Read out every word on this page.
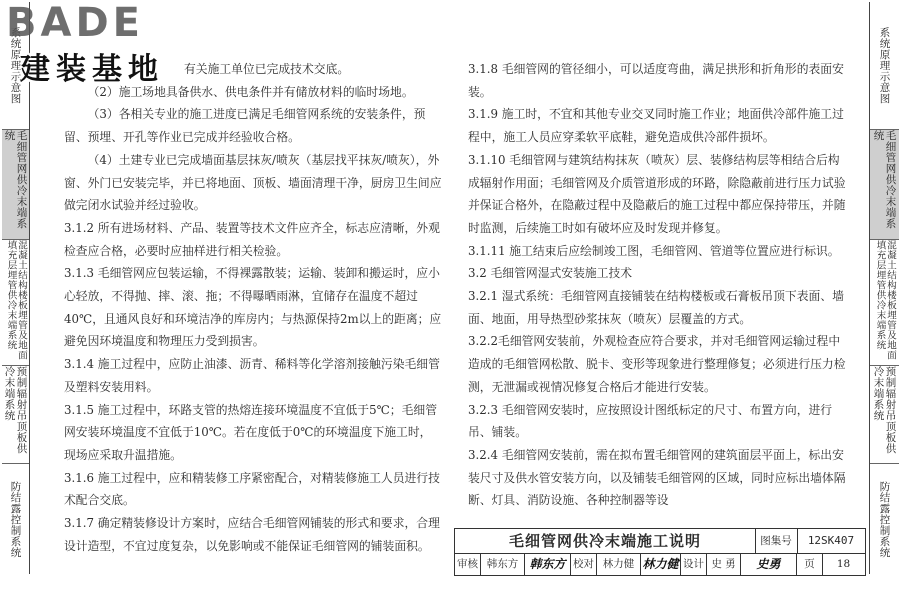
系统原理示意图
毛细管网供冷末端系统
混凝土结构楼板埋管及地面填充层埋管供冷末端系统
预制辐射吊顶板供冷末端系统
防结露控制系统
系统原理示意图
毛细管网供冷末端系统
混凝土结构楼板埋管及地面填充层埋管供冷末端系统
预制辐射吊顶板供冷末端系统
防结露控制系统
BADE
建装基地	有关施工单位已完成技术交底。

（2）施工场地具备供水、供电条件并有储放材料的临时场地。

（3）各相关专业的施工进度已满足毛细管网系统的安装条件，预留、预埋、开孔等作业已完成并经验收合格。

（4）土建专业已完成墙面基层抹灰/喷灰（基层找平抹灰/喷灰），外窗、外门已安装完毕，并已将地面、顶板、墙面清理干净，厨房卫生间应做完闭水试验并经过验收。

3.1.2 所有进场材料、产品、装置等技术文件应齐全，标志应清晰，外观检查应合格，必要时应抽样进行相关检验。

3.1.3 毛细管网应包装运输，不得裸露散装；运输、装卸和搬运时，应小心轻放，不得抛、摔、滚、拖；不得曝晒雨淋，宜储存在温度不超过40℃，且通风良好和环境洁净的库房内；与热源保持2m以上的距离；应避免因环境温度和物理压力受到损害。

3.1.4 施工过程中，应防止油漆、沥青、稀料等化学溶剂接触污染毛细管及塑料安装用料。

3.1.5 施工过程中，环路支管的热熔连接环境温度不宜低于5℃；毛细管网安装环境温度不宜低于10℃。若在度低于0℃的环境温度下施工时，现场应采取升温措施。

3.1.6 施工过程中，应和精装修工序紧密配合，对精装修施工人员进行技术配合交底。

3.1.7 确定精装修设计方案时，应结合毛细管网铺装的形式和要求，合理设计造型，不宜过度复杂，以免影响或不能保证毛细管网的铺装面积。

3.1.8 毛细管网的管径细小，可以适度弯曲，满足拱形和折角形的表面安装。

3.1.9 施工时，不宜和其他专业交叉同时施工作业；地面供冷部件施工过程中，施工人员应穿柔软平底鞋，避免造成供冷部件损坏。

3.1.10 毛细管网与建筑结构抹灰（喷灰）层、装修结构层等相结合后构成辐射作用面；毛细管网及介质管道形成的环路，除隐蔽前进行压力试验并保证合格外，在隐蔽过程中及隐蔽后的施工过程中都应保持带压，并随时监测，后续施工时如有破坏应及时发现并修复。

3.1.11 施工结束后应绘制竣工图，毛细管网、管道等位置应进行标识。

3.2 毛细管网湿式安装施工技术

3.2.1 湿式系统：毛细管网直接铺装在结构楼板或石膏板吊顶下表面、墙面、地面，用导热型砂浆抹灰（喷灰）层覆盖的方式。

3.2.2毛细管网安装前，外观检查应符合要求，并对毛细管网运输过程中造成的毛细管网松散、脱卡、变形等现象进行整理修复；必须进行压力检测，无泄漏或视情况修复合格后才能进行安装。

3.2.3 毛细管网安装时，应按照设计图纸标定的尺寸、布置方向，进行吊、铺装。

3.2.4 毛细管网安装前，需在拟布置毛细管网的建筑面层平面上，标出安装尺寸及供水管安装方向，以及铺装毛细管网的区域，同时应标出墙体隔断、灯具、消防设施、各种控制器等设

毛细管网供冷末端施工说明	图集号	12SK407
审核 韩东方 韩东方 校对 林力健 林力健 设计 史 勇	史勇	页	18
